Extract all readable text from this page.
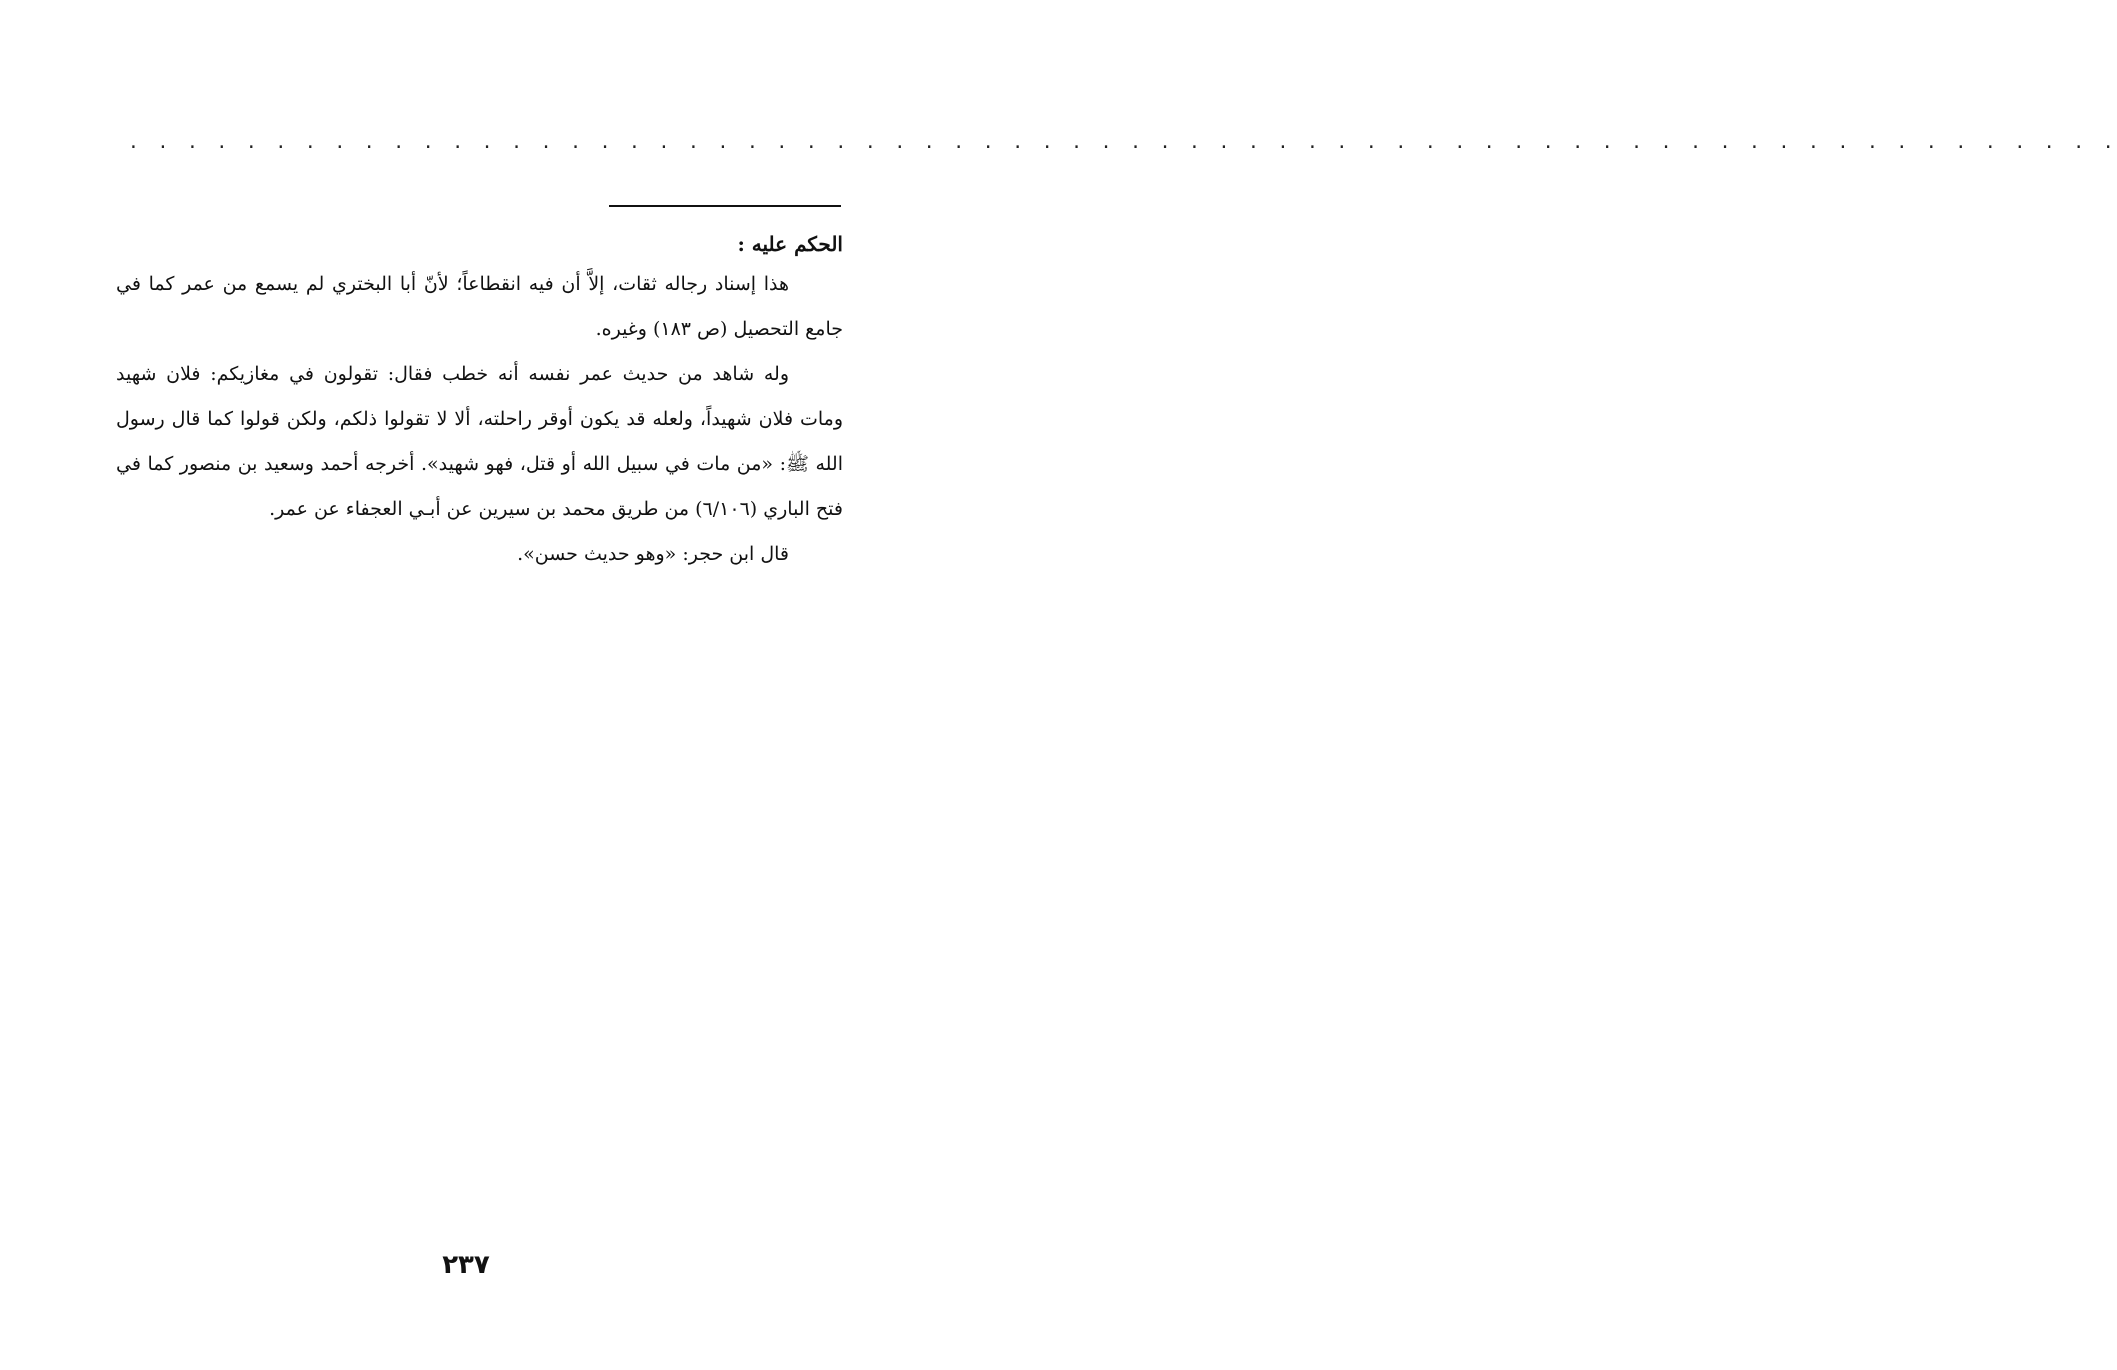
. . . . . . . . . . . . . . . . . . . . . . . . . . . . . . . . . . . . . . . . . . . . . . . . . . . . . . . . . . . . . . . . . . . .

الحكم عليه :

هذا إسناد رجاله ثقات، إلاَّ أن فيه انقطاعاً؛ لأنّ أبا البختري لم يسمع من عمر كما في جامع التحصيل (ص ١٨٣) وغيره.

وله شاهد من حديث عمر نفسه أنه خطب فقال: تقولون في مغازيكم: فلان شهيد ومات فلان شهيداً، ولعله قد يكون أوقر راحلته، ألا لا تقولوا ذلكم، ولكن قولوا كما قال رسول الله ﷺ: «من مات في سبيل الله أو قتل، فهو شهيد». أخرجه أحمد وسعيد بن منصور كما في فتح الباري (٦/١٠٦) من طريق محمد بن سيرين عن أبـي العجفاء عن عمر.

قال ابن حجر: «وهو حديث حسن».

٢٣٧
